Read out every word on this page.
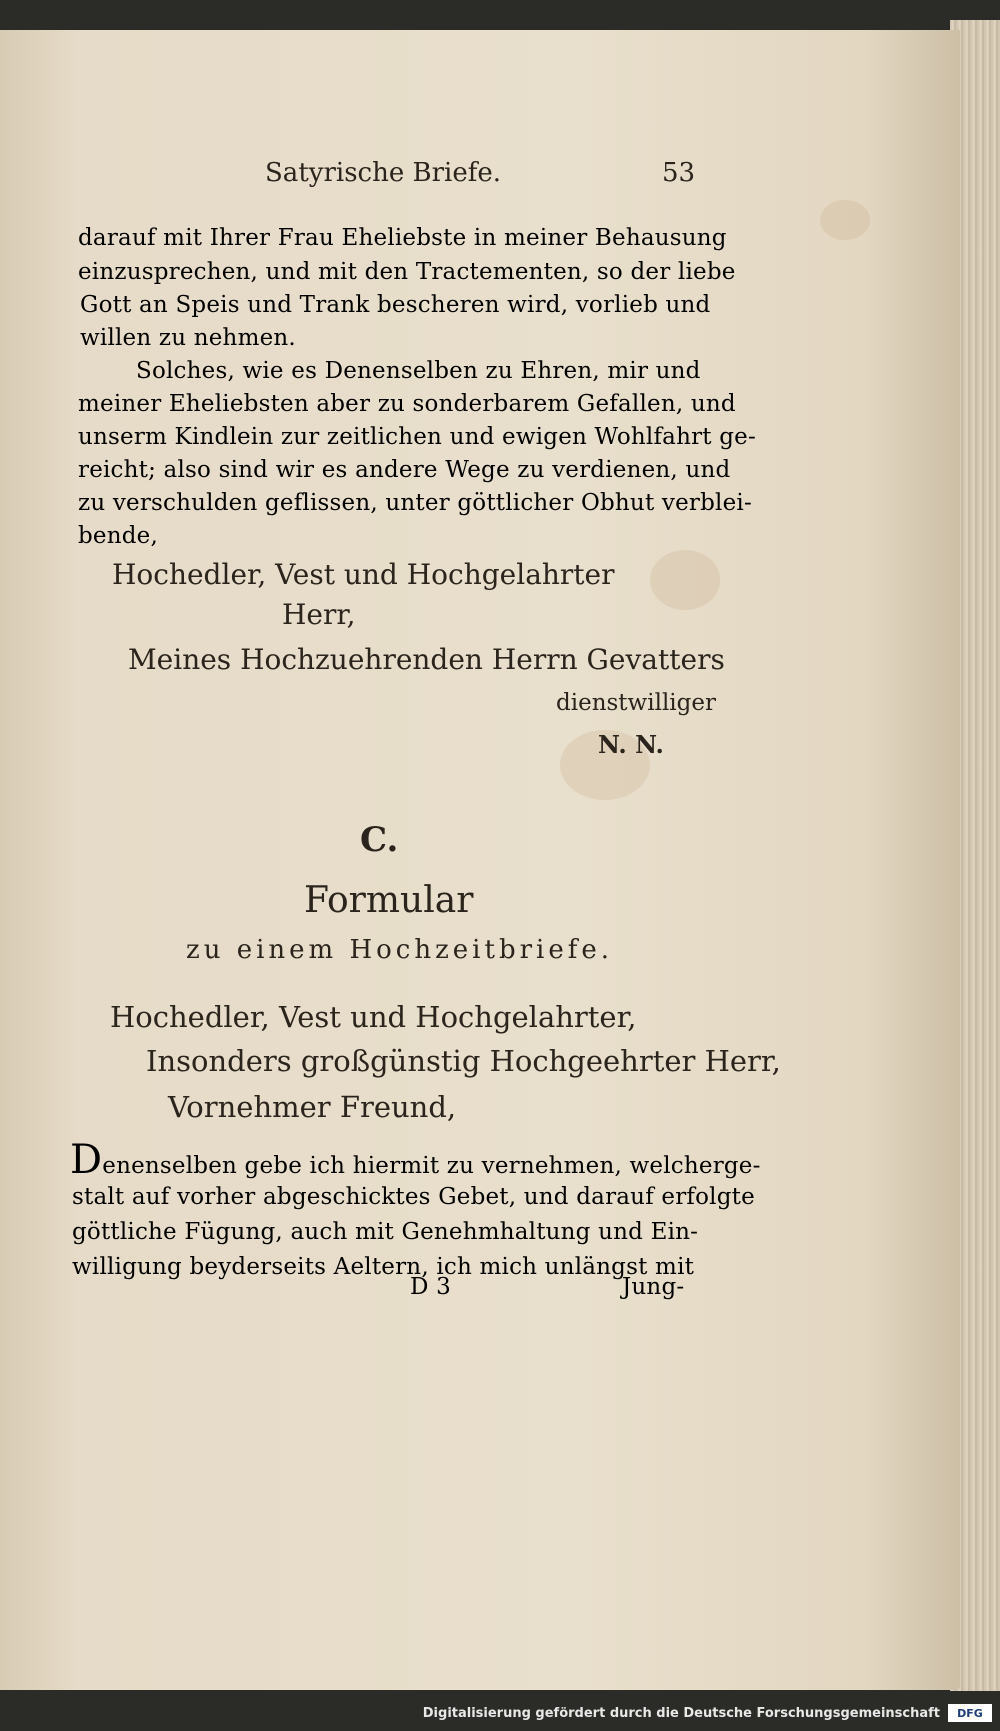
Satyrische Briefe.	53
darauf mit Ihrer Frau Eheliebste in meiner Behausung
einzusprechen, und mit den Tractementen, so der liebe
Gott an Speis und Trank bescheren wird, vorlieb und
willen zu nehmen.
Solches, wie es Denenselben zu Ehren, mir und
meiner Eheliebsten aber zu sonderbarem Gefallen, und
unserm Kindlein zur zeitlichen und ewigen Wohlfahrt ge-
reicht; also sind wir es andere Wege zu verdienen, und
zu verschulden geflissen, unter göttlicher Obhut verblei-
bende,
Hochedler, Vest und Hochgelahrter
Herr,
Meines Hochzuehrenden Herrn Gevatters
dienstwilliger
N. N.
C.
Formular
zu einem Hochzeitbriefe.
Hochedler, Vest und Hochgelahrter,
Insonders großgünstig Hochgeehrter Herr,
Vornehmer Freund,
Denenselben gebe ich hiermit zu vernehmen, welcherge-
stalt auf vorher abgeschicktes Gebet, und darauf erfolgte
göttliche Fügung, auch mit Genehmhaltung und Ein-
willigung beyderseits Aeltern, ich mich unlängst mit
D 3	Jung-
Digitalisierung gefördert durch die Deutsche Forschungsgemeinschaft	DFG
